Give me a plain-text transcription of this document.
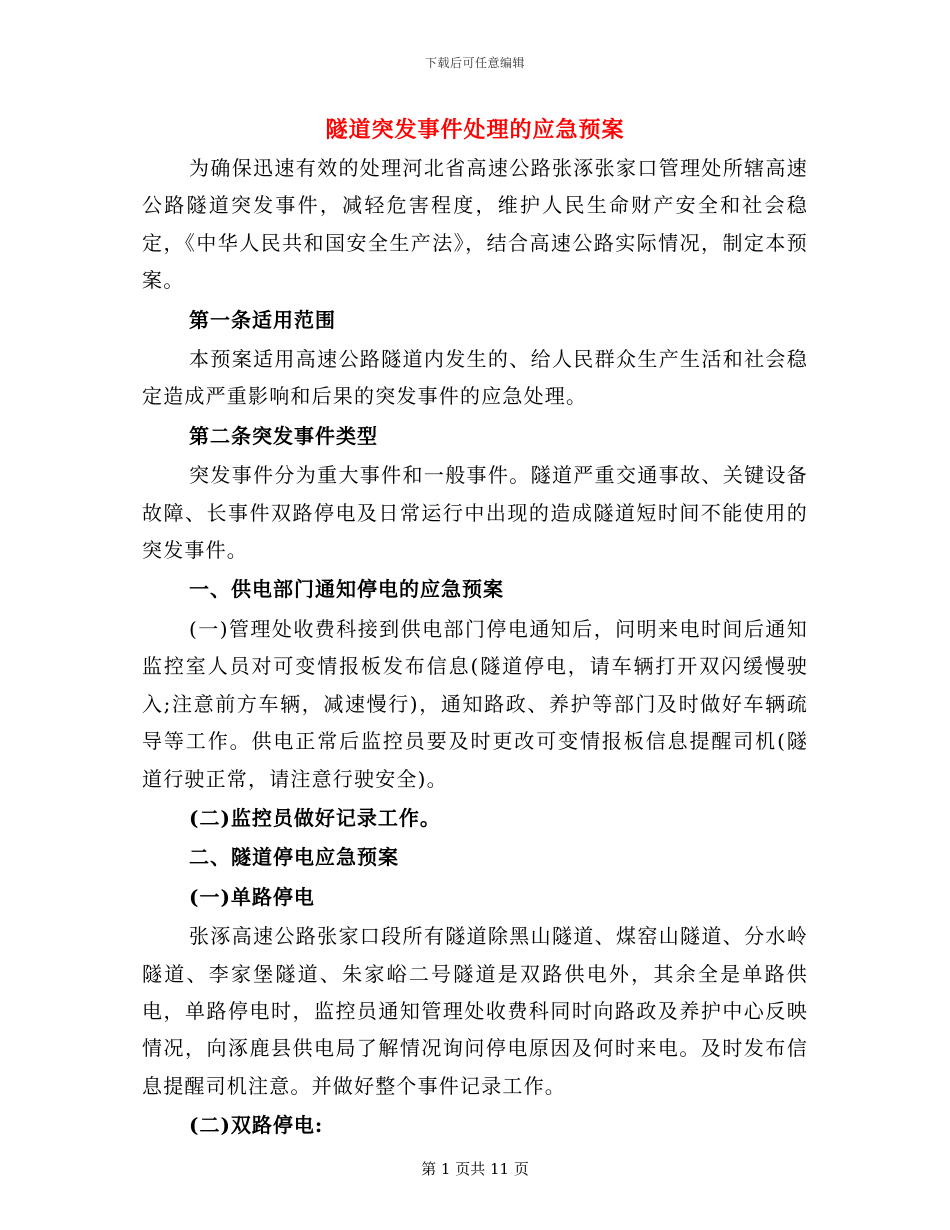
下载后可任意编辑
隧道突发事件处理的应急预案

为确保迅速有效的处理河北省高速公路张涿张家口管理处所辖高速公路隧道突发事件，减轻危害程度，维护人民生命财产安全和社会稳定，《中华人民共和国安全生产法》，结合高速公路实际情况，制定本预案。

第一条适用范围

本预案适用高速公路隧道内发生的、给人民群众生产生活和社会稳定造成严重影响和后果的突发事件的应急处理。

第二条突发事件类型

突发事件分为重大事件和一般事件。隧道严重交通事故、关键设备故障、长事件双路停电及日常运行中出现的造成隧道短时间不能使用的突发事件。

一、供电部门通知停电的应急预案

(一)管理处收费科接到供电部门停电通知后，问明来电时间后通知监控室人员对可变情报板发布信息(隧道停电，请车辆打开双闪缓慢驶入;注意前方车辆，减速慢行)，通知路政、养护等部门及时做好车辆疏导等工作。供电正常后监控员要及时更改可变情报板信息提醒司机(隧道行驶正常，请注意行驶安全)。

(二)监控员做好记录工作。

二、隧道停电应急预案

(一)单路停电

张涿高速公路张家口段所有隧道除黑山隧道、煤窑山隧道、分水岭隧道、李家堡隧道、朱家峪二号隧道是双路供电外，其余全是单路供电，单路停电时，监控员通知管理处收费科同时向路政及养护中心反映情况，向涿鹿县供电局了解情况询问停电原因及何时来电。及时发布信息提醒司机注意。并做好整个事件记录工作。

(二)双路停电:

第 1 页共 11 页
